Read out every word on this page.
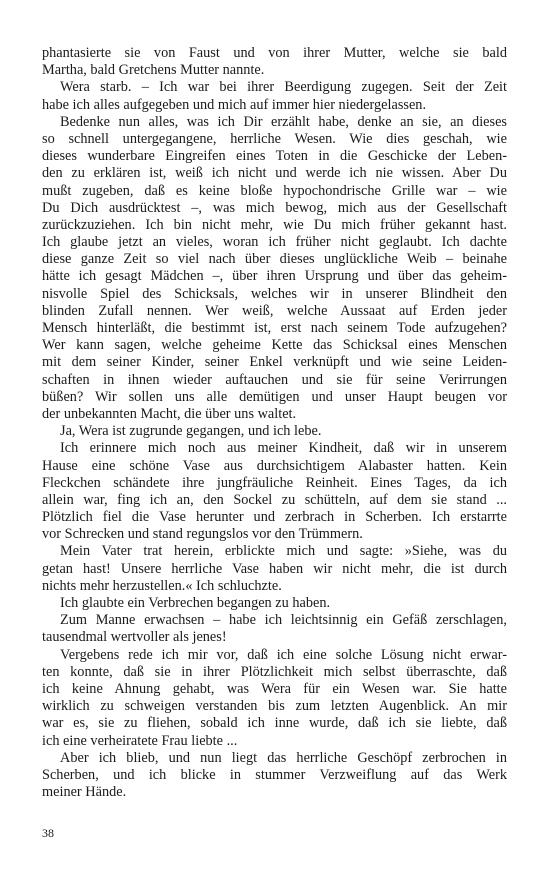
phantasierte sie von Faust und von ihrer Mutter, welche sie bald
Martha, bald Gretchens Mutter nannte.
Wera starb. – Ich war bei ihrer Beerdigung zugegen. Seit der Zeit
habe ich alles aufgegeben und mich auf immer hier niedergelassen.
Bedenke nun alles, was ich Dir erzählt habe, denke an sie, an dieses
so schnell untergegangene, herrliche Wesen. Wie dies geschah, wie
dieses wunderbare Eingreifen eines Toten in die Geschicke der Leben-
den zu erklären ist, weiß ich nicht und werde ich nie wissen. Aber Du
mußt zugeben, daß es keine bloße hypochondrische Grille war – wie
Du Dich ausdrücktest –, was mich bewog, mich aus der Gesellschaft
zurückzuziehen. Ich bin nicht mehr, wie Du mich früher gekannt hast.
Ich glaube jetzt an vieles, woran ich früher nicht geglaubt. Ich dachte
diese ganze Zeit so viel nach über dieses unglückliche Weib – beinahe
hätte ich gesagt Mädchen –, über ihren Ursprung und über das geheim-
nisvolle Spiel des Schicksals, welches wir in unserer Blindheit den
blinden Zufall nennen. Wer weiß, welche Aussaat auf Erden jeder
Mensch hinterläßt, die bestimmt ist, erst nach seinem Tode aufzugehen?
Wer kann sagen, welche geheime Kette das Schicksal eines Menschen
mit dem seiner Kinder, seiner Enkel verknüpft und wie seine Leiden-
schaften in ihnen wieder auftauchen und sie für seine Verirrungen
büßen? Wir sollen uns alle demütigen und unser Haupt beugen vor
der unbekannten Macht, die über uns waltet.
Ja, Wera ist zugrunde gegangen, und ich lebe.
Ich erinnere mich noch aus meiner Kindheit, daß wir in unserem
Hause eine schöne Vase aus durchsichtigem Alabaster hatten. Kein
Fleckchen schändete ihre jungfräuliche Reinheit. Eines Tages, da ich
allein war, fing ich an, den Sockel zu schütteln, auf dem sie stand ...
Plötzlich fiel die Vase herunter und zerbrach in Scherben. Ich erstarrte
vor Schrecken und stand regungslos vor den Trümmern.
Mein Vater trat herein, erblickte mich und sagte: »Siehe, was du
getan hast! Unsere herrliche Vase haben wir nicht mehr, die ist durch
nichts mehr herzustellen.« Ich schluchzte.
Ich glaubte ein Verbrechen begangen zu haben.
Zum Manne erwachsen – habe ich leichtsinnig ein Gefäß zerschlagen,
tausendmal wertvoller als jenes!
Vergebens rede ich mir vor, daß ich eine solche Lösung nicht erwar-
ten konnte, daß sie in ihrer Plötzlichkeit mich selbst überraschte, daß
ich keine Ahnung gehabt, was Wera für ein Wesen war. Sie hatte
wirklich zu schweigen verstanden bis zum letzten Augenblick. An mir
war es, sie zu fliehen, sobald ich inne wurde, daß ich sie liebte, daß
ich eine verheiratete Frau liebte ...
Aber ich blieb, und nun liegt das herrliche Geschöpf zerbrochen in
Scherben, und ich blicke in stummer Verzweiflung auf das Werk
meiner Hände.
38
